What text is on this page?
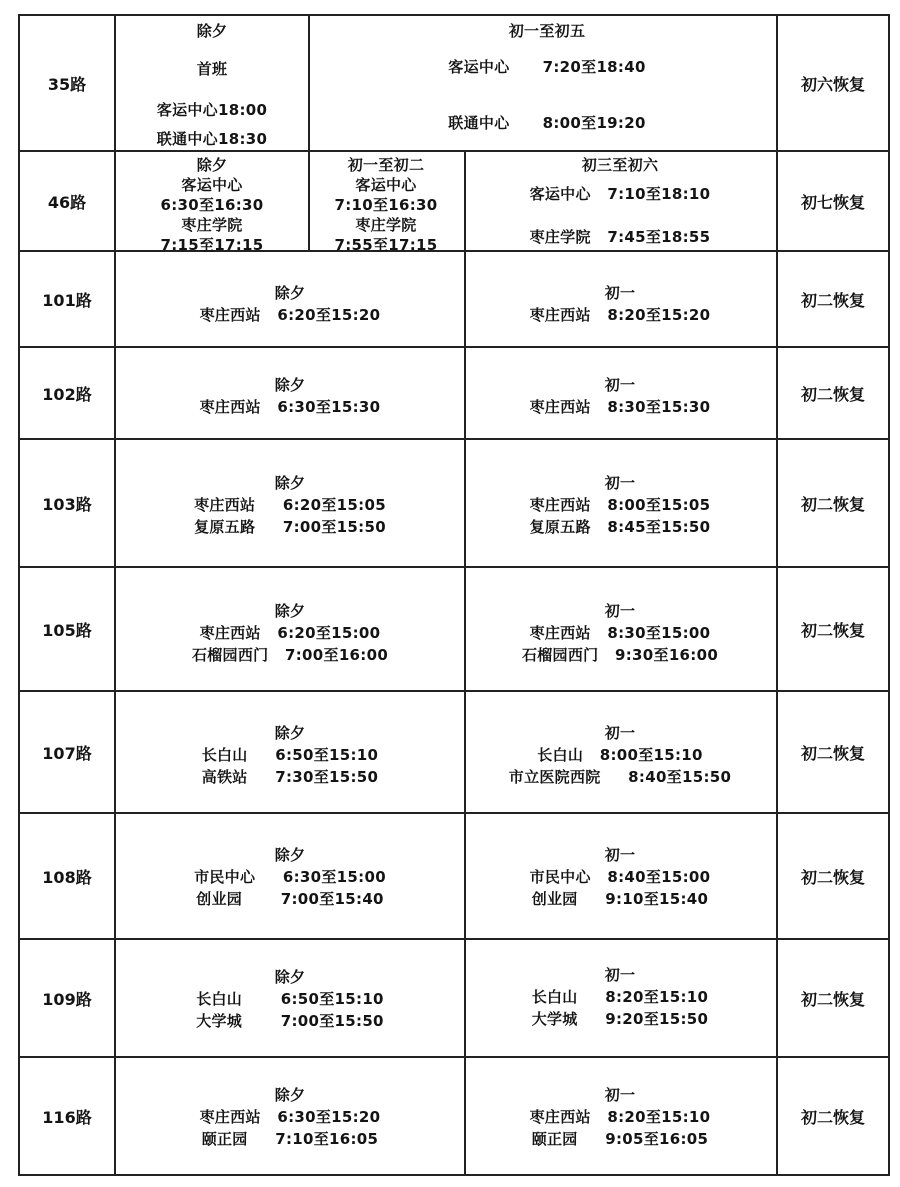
35路
除夕
首班
客运中心18:00
联通中心18:30
初一至初五
客运中心      7:20至18:40
联通中心      8:00至19:20
初六恢复
46路
除夕
客运中心
6:30至16:30
枣庄学院
7:15至17:15
初一至初二
客运中心
7:10至16:30
枣庄学院
7:55至17:15
初三至初六
客运中心   7:10至18:10
枣庄学院   7:45至18:55
初七恢复
101路	除夕
枣庄西站   6:20至15:20
初一
枣庄西站   8:20至15:20
初二恢复
102路	除夕
枣庄西站   6:30至15:30
初一
枣庄西站   8:30至15:30
初二恢复
103路
除夕
枣庄西站     6:20至15:05
复原五路     7:00至15:50
初一
枣庄西站   8:00至15:05
复原五路   8:45至15:50
初二恢复
105路
除夕
枣庄西站   6:20至15:00
石榴园西门   7:00至16:00
初一
枣庄西站   8:30至15:00
石榴园西门   9:30至16:00
初二恢复
107路
除夕
长白山     6:50至15:10
高铁站     7:30至15:50
初一
长白山   8:00至15:10
市立医院西院     8:40至15:50
初二恢复
108路
除夕
市民中心     6:30至15:00
创业园       7:00至15:40
初一
市民中心   8:40至15:00
创业园     9:10至15:40
初二恢复
109路
除夕
长白山       6:50至15:10
大学城       7:00至15:50
初一
长白山     8:20至15:10
大学城     9:20至15:50
初二恢复
116路
除夕
枣庄西站   6:30至15:20
颐正园     7:10至16:05
初一
枣庄西站   8:20至15:10
颐正园     9:05至16:05
初二恢复
